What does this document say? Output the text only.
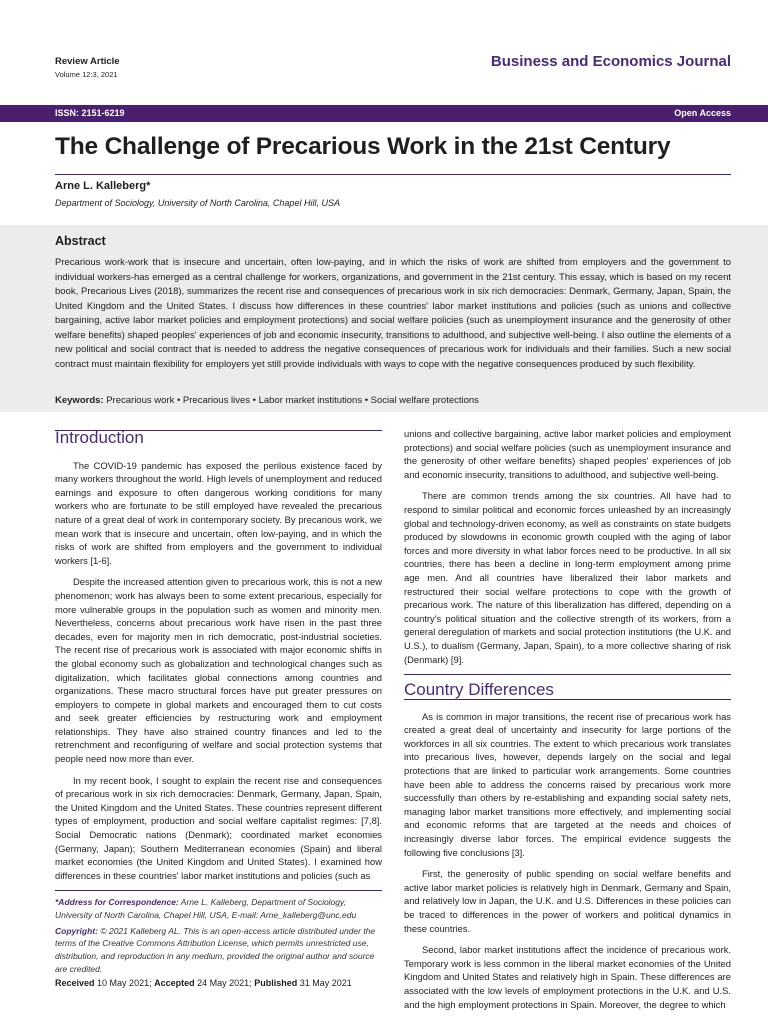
Review Article
Volume 12:3, 2021
Business and Economics Journal
ISSN: 2151-6219	Open Access
The Challenge of Precarious Work in the 21st Century
Arne L. Kalleberg*
Department of Sociology, University of North Carolina, Chapel Hill, USA
Abstract
Precarious work-work that is insecure and uncertain, often low-paying, and in which the risks of work are shifted from employers and the government to individual workers-has emerged as a central challenge for workers, organizations, and government in the 21st century. This essay, which is based on my recent book, Precarious Lives (2018), summarizes the recent rise and consequences of precarious work in six rich democracies: Denmark, Germany, Japan, Spain, the United Kingdom and the United States. I discuss how differences in these countries' labor market institutions and policies (such as unions and collective bargaining, active labor market policies and employment protections) and social welfare policies (such as unemployment insurance and the generosity of other welfare benefits) shaped peoples' experiences of job and economic insecurity, transitions to adulthood, and subjective well-being. I also outline the elements of a new political and social contract that is needed to address the negative consequences of precarious work for individuals and their families. Such a new social contract must maintain flexibility for employers yet still provide individuals with ways to cope with the negative consequences produced by such flexibility.
Keywords: Precarious work • Precarious lives • Labor market institutions • Social welfare protections
Introduction

The COVID-19 pandemic has exposed the perilous existence faced by many workers throughout the world. High levels of unemployment and reduced earnings and exposure to often dangerous working conditions for many workers who are fortunate to be still employed have revealed the precarious nature of a great deal of work in contemporary society. By precarious work, we mean work that is insecure and uncertain, often low-paying, and in which the risks of work are shifted from employers and the government to individual workers [1-6].

Despite the increased attention given to precarious work, this is not a new phenomenon; work has always been to some extent precarious, especially for more vulnerable groups in the population such as women and minority men. Nevertheless, concerns about precarious work have risen in the past three decades, even for majority men in rich democratic, post-industrial societies. The recent rise of precarious work is associated with major economic shifts in the global economy such as globalization and technological changes such as digitalization, which facilitates global connections among countries and organizations. These macro structural forces have put greater pressures on employers to compete in global markets and encouraged them to cut costs and seek greater efficiencies by restructuring work and employment relationships. They have also strained country finances and led to the retrenchment and reconfiguring of welfare and social protection systems that people need now more than ever.

In my recent book, I sought to explain the recent rise and consequences of precarious work in six rich democracies: Denmark, Germany, Japan, Spain, the United Kingdom and the United States. These countries represent different types of employment, production and social welfare capitalist regimes: [7,8]. Social Democratic nations (Denmark); coordinated market economies (Germany, Japan); Southern Mediterranean economies (Spain) and liberal market economies (the United Kingdom and United States). I examined how differences in these countries' labor market institutions and policies (such as

*Address for Correspondence: Arne L. Kalleberg, Department of Sociology, University of North Carolina, Chapel Hill, USA, E-mail: Arne_kalleberg@unc.edu
Copyright: © 2021 Kalleberg AL. This is an open-access article distributed under the terms of the Creative Commons Attribution License, which permits unrestricted use, distribution, and reproduction in any medium, provided the original author and source are credited.
Received 10 May 2021; Accepted 24 May 2021; Published 31 May 2021

unions and collective bargaining, active labor market policies and employment protections) and social welfare policies (such as unemployment insurance and the generosity of other welfare benefits) shaped peoples' experiences of job and economic insecurity, transitions to adulthood, and subjective well-being.

There are common trends among the six countries. All have had to respond to similar political and economic forces unleashed by an increasingly global and technology-driven economy, as well as constraints on state budgets produced by slowdowns in economic growth coupled with the aging of labor forces and more diversity in what labor forces need to be productive. In all six countries, there has been a decline in long-term employment among prime age men. And all countries have liberalized their labor markets and restructured their social welfare protections to cope with the growth of precarious work. The nature of this liberalization has differed, depending on a country's political situation and the collective strength of its workers, from a general deregulation of markets and social protection institutions (the U.K. and U.S.), to dualism (Germany, Japan, Spain), to a more collective sharing of risk (Denmark) [9].

Country Differences

As is common in major transitions, the recent rise of precarious work has created a great deal of uncertainty and insecurity for large portions of the workforces in all six countries. The extent to which precarious work translates into precarious lives, however, depends largely on the social and legal protections that are linked to particular work arrangements. Some countries have been able to address the concerns raised by precarious work more successfully than others by re-establishing and expanding social safety nets, managing labor market transitions more effectively, and implementing social and economic reforms that are targeted at the needs and choices of increasingly diverse labor forces. The empirical evidence suggests the following five conclusions [3].

First, the generosity of public spending on social welfare benefits and active labor market policies is relatively high in Denmark, Germany and Spain, and relatively low in Japan, the U.K. and U.S. Differences in these policies can be traced to differences in the power of workers and political dynamics in these countries.

Second, labor market institutions affect the incidence of precarious work. Temporary work is less common in the liberal market economies of the United Kingdom and United States and relatively high in Spain. These differences are associated with the low levels of employment protections in the U.K. and U.S. and the high employment protections in Spain. Moreover, the degree to which
